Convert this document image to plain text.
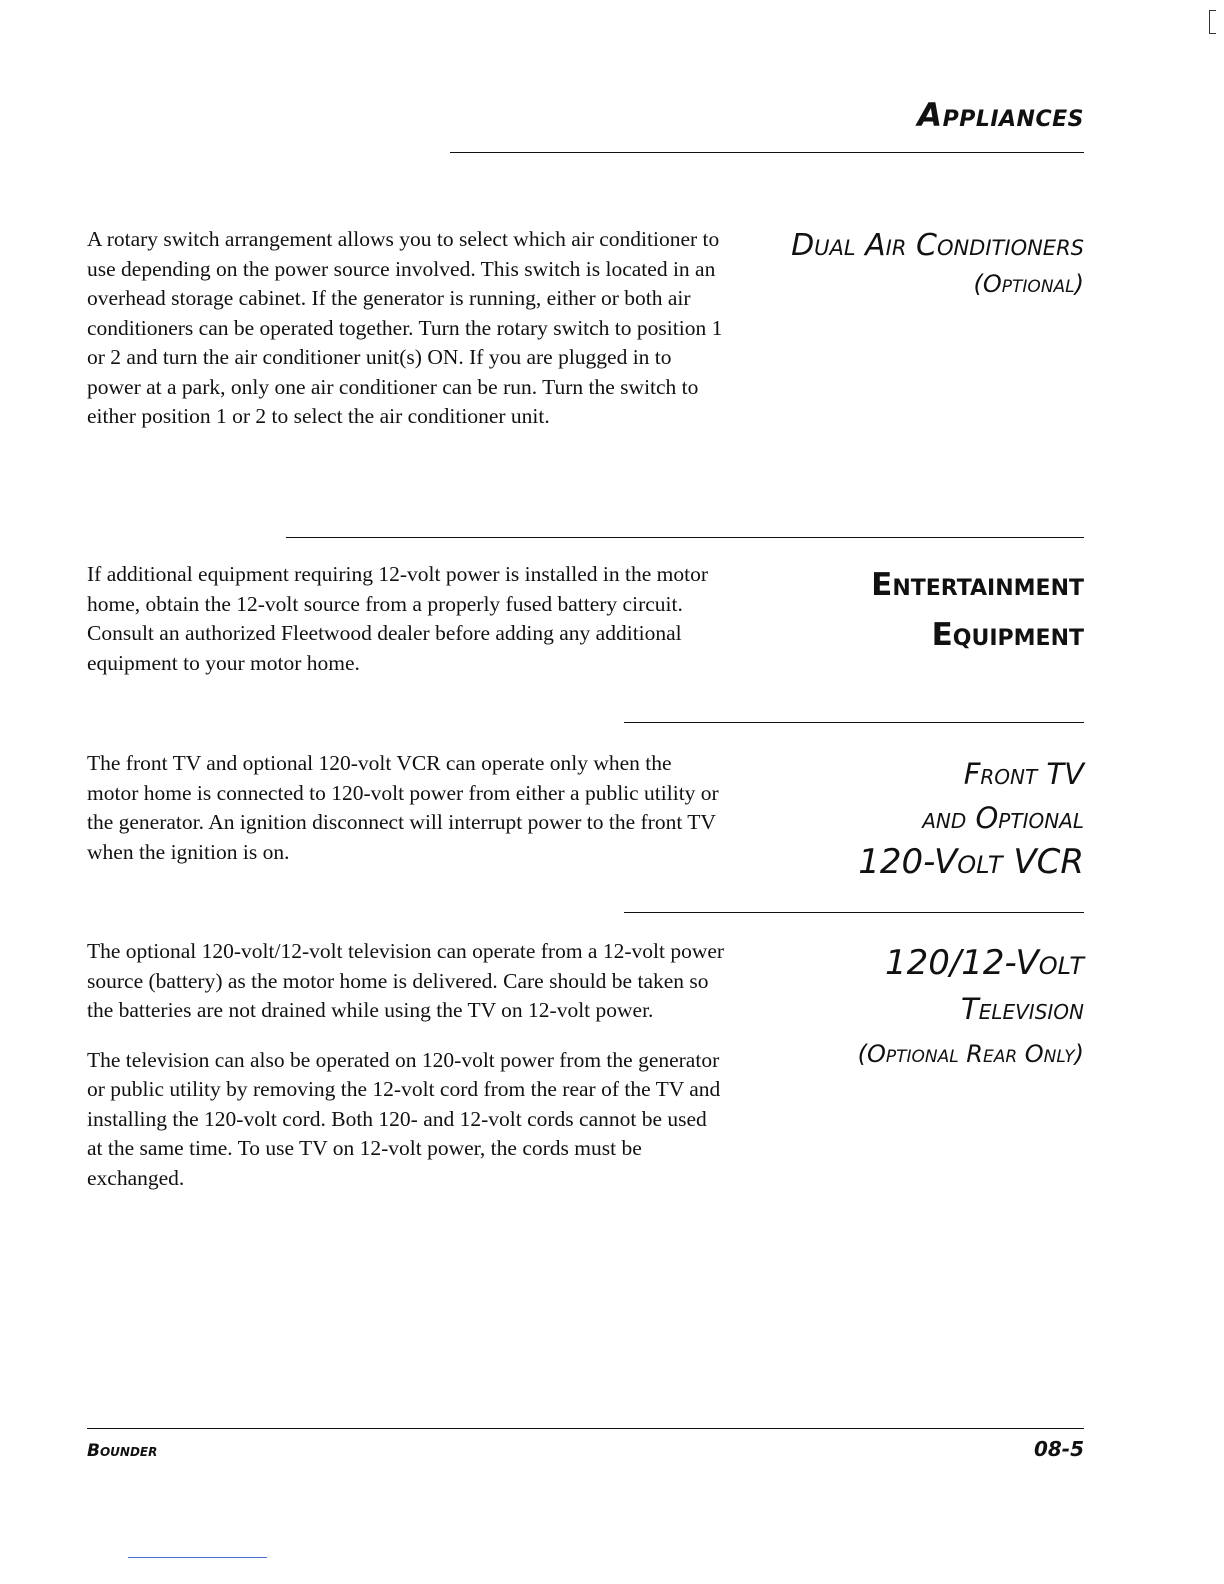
Appliances

A rotary switch arrangement allows you to select which air conditioner to use depending on the power source involved. This switch is located in an overhead storage cabinet. If the generator is running, either or both air conditioners can be operated together. Turn the rotary switch to position 1 or 2 and turn the air conditioner unit(s) ON. If you are plugged in to power at a park, only one air conditioner can be run. Turn the switch to either position 1 or 2 to select the air conditioner unit.

Dual Air Conditioners
(Optional)

If additional equipment requiring 12-volt power is installed in the motor home, obtain the 12-volt source from a properly fused battery circuit. Consult an authorized Fleetwood dealer before adding any additional equipment to your motor home.

Entertainment
Equipment

The front TV and optional 120-volt VCR can operate only when the motor home is connected to 120-volt power from either a public utility or the generator. An ignition disconnect will interrupt power to the front TV when the ignition is on.

Front TV
and Optional
120-Volt VCR

The optional 120-volt/12-volt television can operate from a 12-volt power source (battery) as the motor home is delivered. Care should be taken so the batteries are not drained while using the TV on 12-volt power.

The television can also be operated on 120-volt power from the generator or public utility by removing the 12-volt cord from the rear of the TV and installing the 120-volt cord. Both 120- and 12-volt cords cannot be used at the same time. To use TV on 12-volt power, the cords must be exchanged.

120/12-Volt
Television
(Optional Rear Only)
Bounder	08-5
